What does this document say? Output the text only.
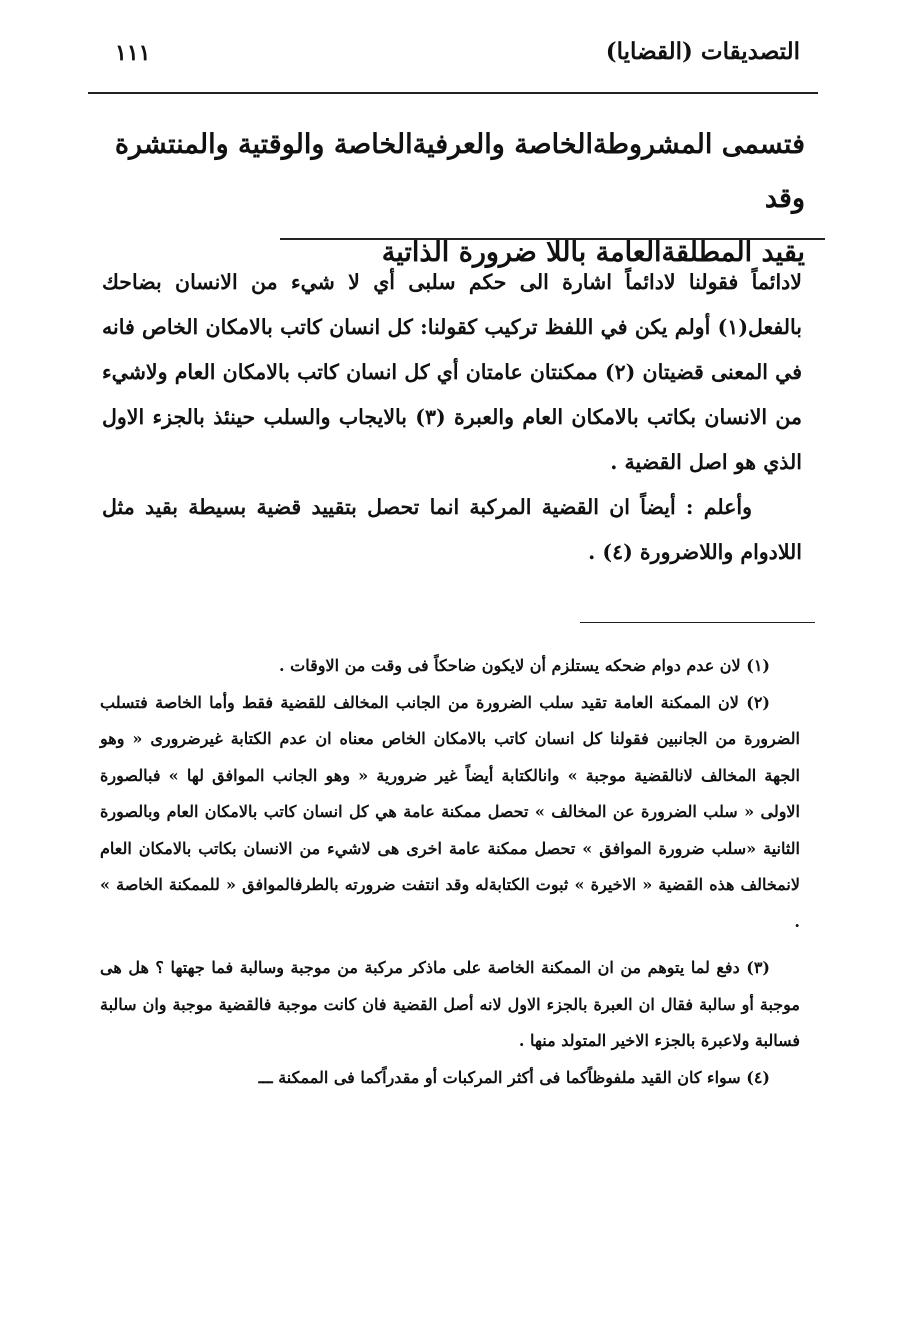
التصديقات (القضايا)
١١١
فتسمى المشروطةالخاصة والعرفيةالخاصة والوقتية والمنتشرة وقد
يقيد المطلقةالعامة باللا ضرورة الذاتية

لادائماً فقولنا لادائماً اشارة الى حكم سلبى أي لا شيء من الانسان بضاحك بالفعل(١) أولم يكن في اللفظ تركيب كقولنا: كل انسان كاتب بالامكان الخاص فانه في المعنى قضيتان (٢) ممكنتان عامتان أي كل انسان كاتب بالامكان العام ولاشيء من الانسان بكاتب بالامكان العام والعبرة (٣) بالايجاب والسلب حينئذ بالجزء الاول الذي هو اصل القضية .

وأعلم : أيضاً ان القضية المركبة انما تحصل بتقييد قضية بسيطة بقيد مثل اللادوام واللاضرورة (٤) .

(١) لان عدم دوام ضحكه يستلزم أن لايكون ضاحكاً فى وقت من الاوقات .

(٢) لان الممكنة العامة تقيد سلب الضرورة من الجانب المخالف للقضية فقط وأما الخاصة فتسلب الضرورة من الجانبين فقولنا كل انسان كاتب بالامكان الخاص معناه ان عدم الكتابة غيرضرورى « وهو الجهة المخالف لانالقضية موجبة » وانالكتابة أيضاً غير ضرورية « وهو الجانب الموافق لها » فبالصورة الاولى « سلب الضرورة عن المخالف » تحصل ممكنة عامة هي كل انسان كاتب بالامكان العام وبالصورة الثانية «سلب ضرورة الموافق » تحصل ممكنة عامة اخرى هى لاشيء من الانسان بكاتب بالامكان العام لانمخالف هذه القضية « الاخيرة » ثبوت الكتابةله وقد انتفت ضرورته بالطرفالموافق « للممكنة الخاصة » .

(٣) دفع لما يتوهم من ان الممكنة الخاصة على ماذكر مركبة من موجبة وسالبة فما جهتها ؟ هل هى موجبة أو سالبة فقال ان العبرة بالجزء الاول لانه أصل القضية فان كانت موجبة فالقضية موجبة وان سالبة فسالبة ولاعبرة بالجزء الاخير المتولد منها .

(٤) سواء كان القيد ملفوظاًكما فى أكثر المركبات أو مقدراًكما فى الممكنة ـــ
